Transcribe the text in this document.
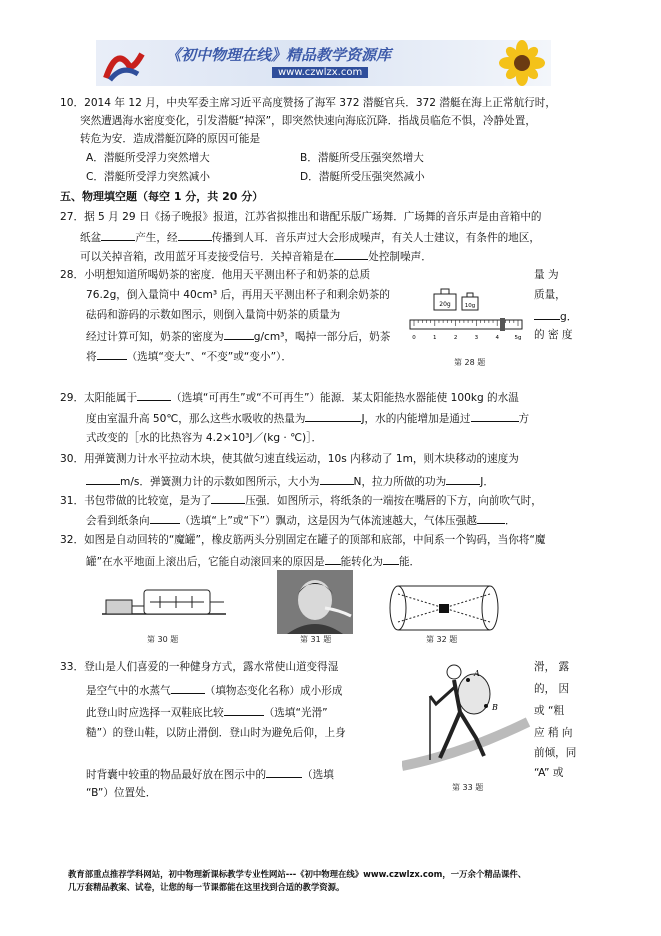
《初中物理在线》精品教学资源库
www.czwlzx.com
10．2014 年 12 月，中央军委主席习近平高度赞扬了海军 372 潜艇官兵．372 潜艇在海上正常航行时，
突然遭遇海水密度变化，引发潜艇“掉深”，即突然快速向海底沉降．指战员临危不惧，冷静处置，
转危为安．造成潜艇沉降的原因可能是
A．潜艇所受浮力突然增大	B．潜艇所受压强突然增大
C．潜艇所受浮力突然减小	D．潜艇所受压强突然减小
五、物理填空题（每空 1 分，共 20 分）
27．据 5 月 29 日《扬子晚报》报道，江苏省拟推出和谐配乐版广场舞．广场舞的音乐声是由音箱中的
纸盆	产生，经	传播到人耳．音乐声过大会形成噪声，有关人士建议，有条件的地区，
可以关掉音箱，改用蓝牙耳麦接受信号．关掉音箱是在	处控制噪声．
28．小明想知道所喝奶茶的密度．他用天平测出杯子和奶茶的总质	量 为
76.2g，倒入量筒中 40cm³ 后，再用天平测出杯子和剩余奶茶的	质量，
砝码和游码的示数如图示，则倒入量筒中奶茶的质量为	g．
经过计算可知，奶茶的密度为	g/cm³，喝掉一部分后，奶茶	的 密 度
将	（选填“变大”、“不变”或“变小”）．
20g	10g
0	1	2	3	4	5g
第 28 题
29．太阳能属于	（选填“可再生”或“不可再生”）能源．某太阳能热水器能使 100kg 的水温
度由室温升高 50℃，那么这些水吸收的热量为	J，水的内能增加是通过	方
式改变的［水的比热容为 4.2×10³J／(kg · ℃)］．
30．用弹簧测力计水平拉动木块，使其做匀速直线运动，10s 内移动了 1m，则木块移动的速度为
m/s．弹簧测力计的示数如图所示，大小为	N，拉力所做的功为	J．
31．书包带做的比较宽，是为了	压强．如图所示，将纸条的一端按在嘴唇的下方，向前吹气时，
会看到纸条向	（选填“上”或“下”）飘动，这是因为气体流速越大，气体压强越	．
32．如图是自动回转的“魔罐”，橡皮筋两头分别固定在罐子的顶部和底部，中间系一个钩码，当你将“魔
罐”在水平地面上滚出后，它能自动滚回来的原因是 能转化为 能．
第 30 题	第 31 题	第 32 题
33．登山是人们喜爱的一种健身方式，露水常使山道变得湿	滑， 露
是空气中的水蒸气	（填物态变化名称）成小形成	的， 因
此登山时应选择一双鞋底比较	（选填“光滑”	或 “粗
糙”）的登山鞋，以防止滑倒．登山时为避免后仰，上身	应 稍 向
前倾，同
时背囊中较重的物品最好放在图示中的	（选填	“A” 或
“B”）位置处．
A
B
第 33 题
教育部重点推荐学科网站，初中物理新课标教学专业性网站---《初中物理在线》www.czwlzx.com，一万余个精品课件、
几万套精品教案、试卷，让您的每一节课都能在这里找到合适的教学资源。
